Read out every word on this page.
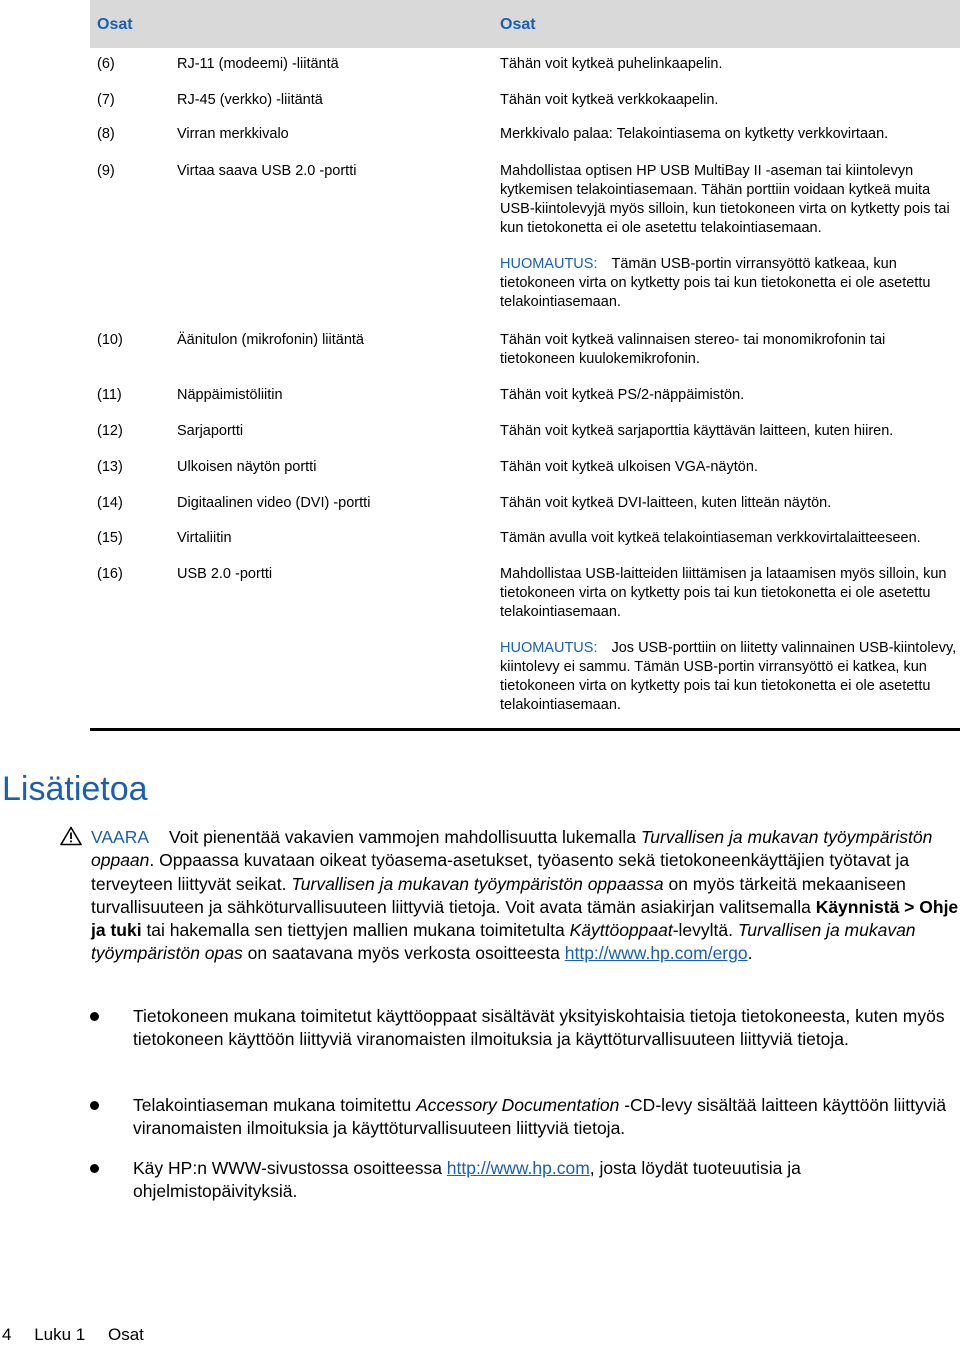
Osat	Osat
(6)	RJ-11 (modeemi) -liitäntä	Tähän voit kytkeä puhelinkaapelin.

(7)	RJ-45 (verkko) -liitäntä	Tähän voit kytkeä verkkokaapelin.

(8)	Virran merkkivalo	Merkkivalo palaa: Telakointiasema on kytketty verkkovirtaan.

(9)	Virtaa saava USB 2.0 -portti	Mahdollistaa optisen HP USB MultiBay II -aseman tai kiintolevyn kytkemisen telakointiasemaan. Tähän porttiin voidaan kytkeä muita USB-kiintolevyjä myös silloin, kun tietokoneen virta on kytketty pois tai kun tietokonetta ei ole asetettu telakointiasemaan.

HUOMAUTUS: Tämän USB-portin virransyöttö katkeaa, kun tietokoneen virta on kytketty pois tai kun tietokonetta ei ole asetettu telakointiasemaan.

(10)	Äänitulon (mikrofonin) liitäntä	Tähän voit kytkeä valinnaisen stereo- tai monomikrofonin tai tietokoneen kuulokemikrofonin.

(11)	Näppäimistöliitin	Tähän voit kytkeä PS/2-näppäimistön.

(12)	Sarjaportti	Tähän voit kytkeä sarjaporttia käyttävän laitteen, kuten hiiren.

(13)	Ulkoisen näytön portti	Tähän voit kytkeä ulkoisen VGA-näytön.

(14)	Digitaalinen video (DVI) -portti	Tähän voit kytkeä DVI-laitteen, kuten litteän näytön.

(15)	Virtaliitin	Tämän avulla voit kytkeä telakointiaseman verkkovirtalaitteeseen.

(16)	USB 2.0 -portti	Mahdollistaa USB-laitteiden liittämisen ja lataamisen myös silloin, kun tietokoneen virta on kytketty pois tai kun tietokonetta ei ole asetettu telakointiasemaan.

HUOMAUTUS: Jos USB-porttiin on liitetty valinnainen USB-kiintolevy, kiintolevy ei sammu. Tämän USB-portin virransyöttö ei katkea, kun tietokoneen virta on kytketty pois tai kun tietokonetta ei ole asetettu telakointiasemaan.

Lisätietoa

VAARA Voit pienentää vakavien vammojen mahdollisuutta lukemalla Turvallisen ja mukavan työympäristön oppaan. Oppaassa kuvataan oikeat työasema-asetukset, työasento sekä tietokoneenkäyttäjien työtavat ja terveyteen liittyvät seikat. Turvallisen ja mukavan työympäristön oppaassa on myös tärkeitä mekaaniseen turvallisuuteen ja sähköturvallisuuteen liittyviä tietoja. Voit avata tämän asiakirjan valitsemalla Käynnistä > Ohje ja tuki tai hakemalla sen tiettyjen mallien mukana toimitetulta Käyttöoppaat-levyltä. Turvallisen ja mukavan työympäristön opas on saatavana myös verkosta osoitteesta http://www.hp.com/ergo.

Tietokoneen mukana toimitetut käyttöoppaat sisältävät yksityiskohtaisia tietoja tietokoneesta, kuten myös tietokoneen käyttöön liittyviä viranomaisten ilmoituksia ja käyttöturvallisuuteen liittyviä tietoja.

Telakointiaseman mukana toimitettu Accessory Documentation -CD-levy sisältää laitteen käyttöön liittyviä viranomaisten ilmoituksia ja käyttöturvallisuuteen liittyviä tietoja.

Käy HP:n WWW-sivustossa osoitteessa http://www.hp.com, josta löydät tuoteuutisia ja ohjelmistopäivityksiä.

4 Luku 1 Osat
